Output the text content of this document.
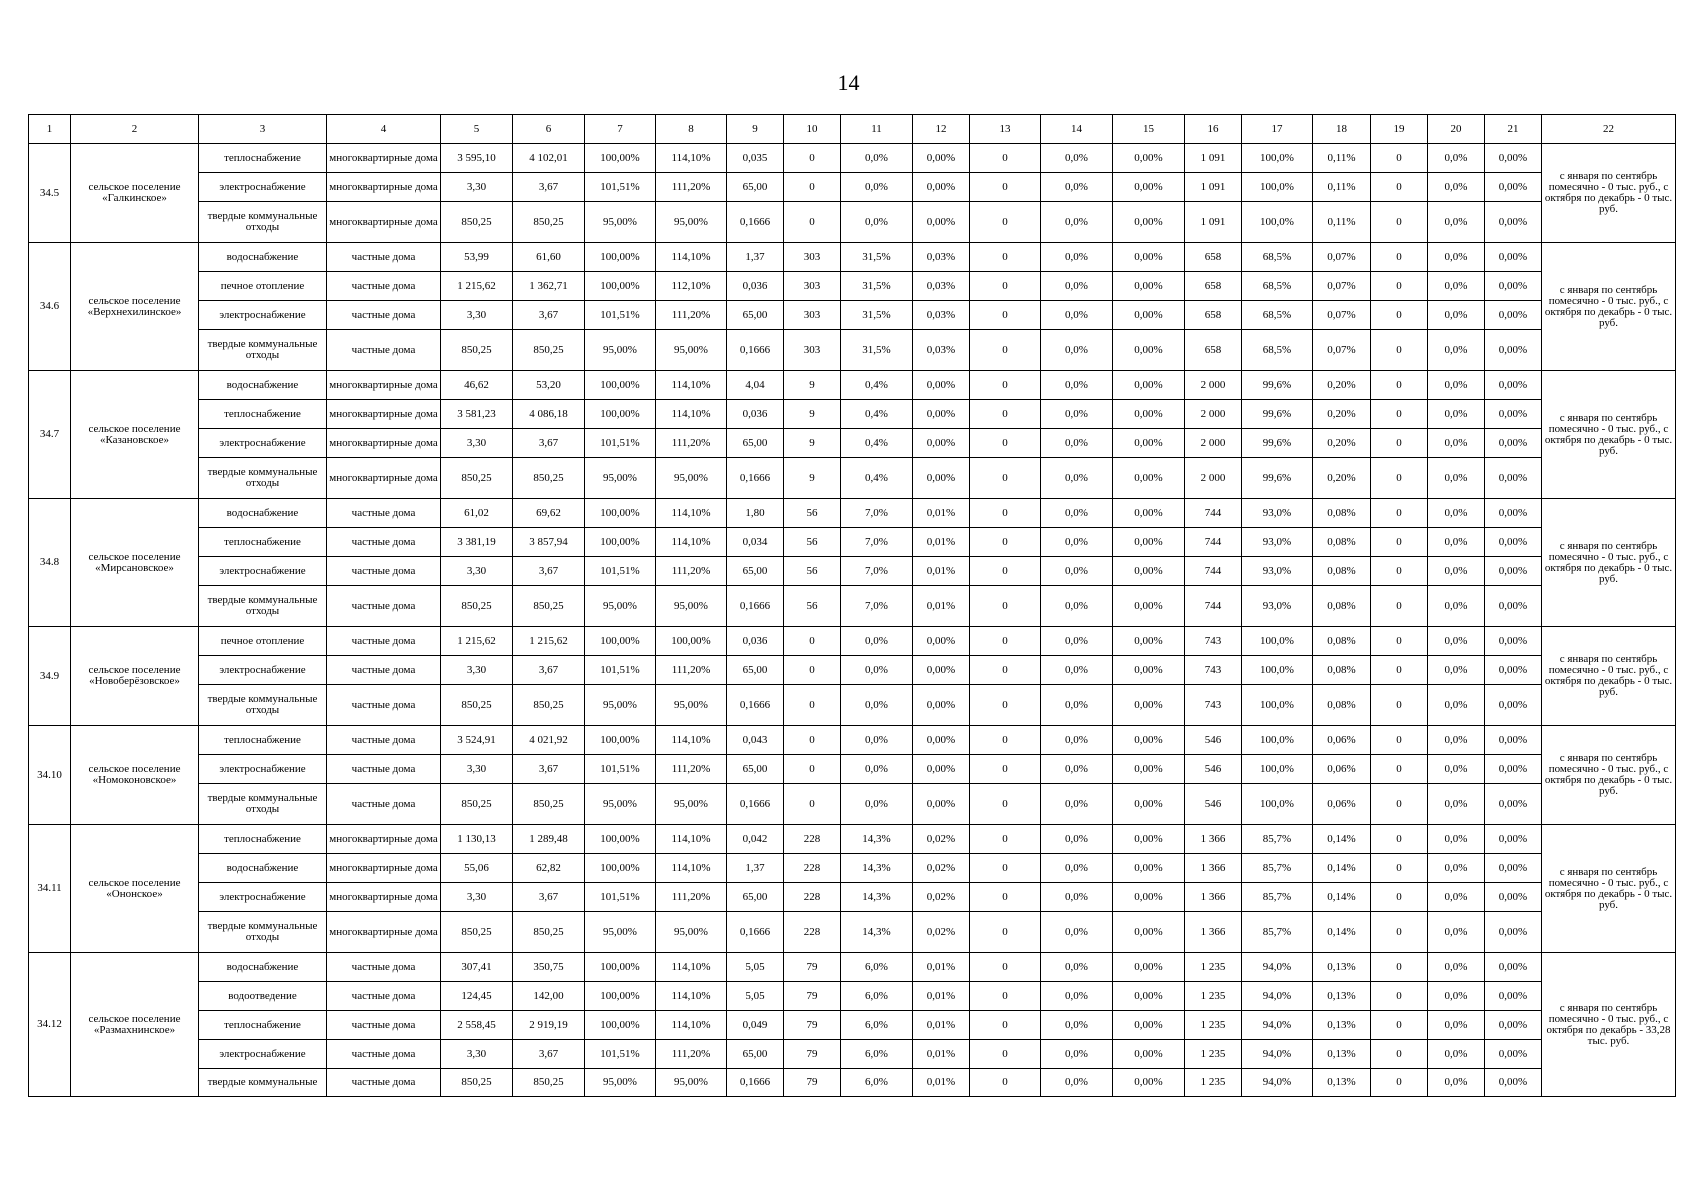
14
1	2	3	4	5	6	7	8	9	10	11	12	13	14	15	16	17	18	19	20	21	22
34.5	сельское поселение «Галкинское»	теплоснабжение	многоквартирные дома	3 595,10	4 102,01	100,00%	114,10%	0,035	0	0,0%	0,00%	0	0,0%	0,00%	1 091	100,0%	0,11%	0	0,0%	0,00%	с января по сентябрь помесячно - 0 тыс. руб., с октября по декабрь - 0 тыс. руб.
		электроснабжение	многоквартирные дома	3,30	3,67	101,51%	111,20%	65,00	0	0,0%	0,00%	0	0,0%	0,00%	1 091	100,0%	0,11%	0	0,0%	0,00%	
		твердые коммунальные отходы	многоквартирные дома	850,25	850,25	95,00%	95,00%	0,1666	0	0,0%	0,00%	0	0,0%	0,00%	1 091	100,0%	0,11%	0	0,0%	0,00%	
34.6	сельское поселение «Верхнехилинское»	водоснабжение	частные дома	53,99	61,60	100,00%	114,10%	1,37	303	31,5%	0,03%	0	0,0%	0,00%	658	68,5%	0,07%	0	0,0%	0,00%	с января по сентябрь помесячно - 0 тыс. руб., с октября по декабрь - 0 тыс. руб.
		печное отопление	частные дома	1 215,62	1 362,71	100,00%	112,10%	0,036	303	31,5%	0,03%	0	0,0%	0,00%	658	68,5%	0,07%	0	0,0%	0,00%	
		электроснабжение	частные дома	3,30	3,67	101,51%	111,20%	65,00	303	31,5%	0,03%	0	0,0%	0,00%	658	68,5%	0,07%	0	0,0%	0,00%	
		твердые коммунальные отходы	частные дома	850,25	850,25	95,00%	95,00%	0,1666	303	31,5%	0,03%	0	0,0%	0,00%	658	68,5%	0,07%	0	0,0%	0,00%	
34.7	сельское поселение «Казановское»	водоснабжение	многоквартирные дома	46,62	53,20	100,00%	114,10%	4,04	9	0,4%	0,00%	0	0,0%	0,00%	2 000	99,6%	0,20%	0	0,0%	0,00%	с января по сентябрь помесячно - 0 тыс. руб., с октября по декабрь - 0 тыс. руб.
		теплоснабжение	многоквартирные дома	3 581,23	4 086,18	100,00%	114,10%	0,036	9	0,4%	0,00%	0	0,0%	0,00%	2 000	99,6%	0,20%	0	0,0%	0,00%	
		электроснабжение	многоквартирные дома	3,30	3,67	101,51%	111,20%	65,00	9	0,4%	0,00%	0	0,0%	0,00%	2 000	99,6%	0,20%	0	0,0%	0,00%	
		твердые коммунальные отходы	многоквартирные дома	850,25	850,25	95,00%	95,00%	0,1666	9	0,4%	0,00%	0	0,0%	0,00%	2 000	99,6%	0,20%	0	0,0%	0,00%	
34.8	сельское поселение «Мирсановское»	водоснабжение	частные дома	61,02	69,62	100,00%	114,10%	1,80	56	7,0%	0,01%	0	0,0%	0,00%	744	93,0%	0,08%	0	0,0%	0,00%	с января по сентябрь помесячно - 0 тыс. руб., с октября по декабрь - 0 тыс. руб.
		теплоснабжение	частные дома	3 381,19	3 857,94	100,00%	114,10%	0,034	56	7,0%	0,01%	0	0,0%	0,00%	744	93,0%	0,08%	0	0,0%	0,00%	
		электроснабжение	частные дома	3,30	3,67	101,51%	111,20%	65,00	56	7,0%	0,01%	0	0,0%	0,00%	744	93,0%	0,08%	0	0,0%	0,00%	
		твердые коммунальные отходы	частные дома	850,25	850,25	95,00%	95,00%	0,1666	56	7,0%	0,01%	0	0,0%	0,00%	744	93,0%	0,08%	0	0,0%	0,00%	
34.9	сельское поселение «Новоберёзовское»	печное отопление	частные дома	1 215,62	1 215,62	100,00%	100,00%	0,036	0	0,0%	0,00%	0	0,0%	0,00%	743	100,0%	0,08%	0	0,0%	0,00%	с января по сентябрь помесячно - 0 тыс. руб., с октября по декабрь - 0 тыс. руб.
		электроснабжение	частные дома	3,30	3,67	101,51%	111,20%	65,00	0	0,0%	0,00%	0	0,0%	0,00%	743	100,0%	0,08%	0	0,0%	0,00%	
		твердые коммунальные отходы	частные дома	850,25	850,25	95,00%	95,00%	0,1666	0	0,0%	0,00%	0	0,0%	0,00%	743	100,0%	0,08%	0	0,0%	0,00%	
34.10	сельское поселение «Номоконовское»	теплоснабжение	частные дома	3 524,91	4 021,92	100,00%	114,10%	0,043	0	0,0%	0,00%	0	0,0%	0,00%	546	100,0%	0,06%	0	0,0%	0,00%	с января по сентябрь помесячно - 0 тыс. руб., с октября по декабрь - 0 тыс. руб.
		электроснабжение	частные дома	3,30	3,67	101,51%	111,20%	65,00	0	0,0%	0,00%	0	0,0%	0,00%	546	100,0%	0,06%	0	0,0%	0,00%	
		твердые коммунальные отходы	частные дома	850,25	850,25	95,00%	95,00%	0,1666	0	0,0%	0,00%	0	0,0%	0,00%	546	100,0%	0,06%	0	0,0%	0,00%	
34.11	сельское поселение «Ононское»	теплоснабжение	многоквартирные дома	1 130,13	1 289,48	100,00%	114,10%	0,042	228	14,3%	0,02%	0	0,0%	0,00%	1 366	85,7%	0,14%	0	0,0%	0,00%	с января по сентябрь помесячно - 0 тыс. руб., с октября по декабрь - 0 тыс. руб.
		водоснабжение	многоквартирные дома	55,06	62,82	100,00%	114,10%	1,37	228	14,3%	0,02%	0	0,0%	0,00%	1 366	85,7%	0,14%	0	0,0%	0,00%	
		электроснабжение	многоквартирные дома	3,30	3,67	101,51%	111,20%	65,00	228	14,3%	0,02%	0	0,0%	0,00%	1 366	85,7%	0,14%	0	0,0%	0,00%	
		твердые коммунальные отходы	многоквартирные дома	850,25	850,25	95,00%	95,00%	0,1666	228	14,3%	0,02%	0	0,0%	0,00%	1 366	85,7%	0,14%	0	0,0%	0,00%	
34.12	сельское поселение «Размахнинское»	водоснабжение	частные дома	307,41	350,75	100,00%	114,10%	5,05	79	6,0%	0,01%	0	0,0%	0,00%	1 235	94,0%	0,13%	0	0,0%	0,00%	с января по сентябрь помесячно - 0 тыс. руб., с октября по декабрь - 33,28 тыс. руб.
		водоотведение	частные дома	124,45	142,00	100,00%	114,10%	5,05	79	6,0%	0,01%	0	0,0%	0,00%	1 235	94,0%	0,13%	0	0,0%	0,00%	
		теплоснабжение	частные дома	2 558,45	2 919,19	100,00%	114,10%	0,049	79	6,0%	0,01%	0	0,0%	0,00%	1 235	94,0%	0,13%	0	0,0%	0,00%	
		электроснабжение	частные дома	3,30	3,67	101,51%	111,20%	65,00	79	6,0%	0,01%	0	0,0%	0,00%	1 235	94,0%	0,13%	0	0,0%	0,00%	
		твердые коммунальные	частные дома	850,25	850,25	95,00%	95,00%	0,1666	79	6,0%	0,01%	0	0,0%	0,00%	1 235	94,0%	0,13%	0	0,0%	0,00%	
